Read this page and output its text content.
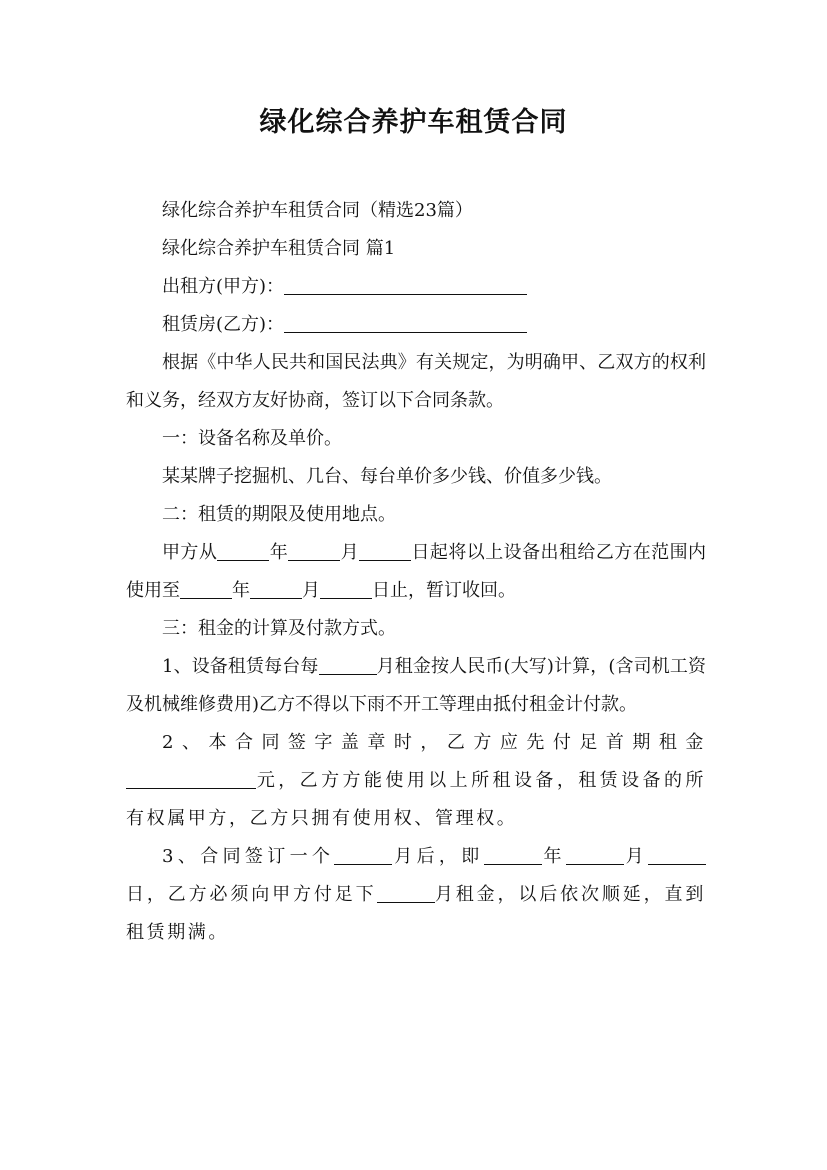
绿化综合养护车租赁合同

绿化综合养护车租赁合同（精选23篇）

绿化综合养护车租赁合同 篇1

出租方(甲方)：

租赁房(乙方)：

根据《中华人民共和国民法典》有关规定，为明确甲、乙双方的权利和义务，经双方友好协商，签订以下合同条款。

一：设备名称及单价。

某某牌子挖掘机、几台、每台单价多少钱、价值多少钱。

二：租赁的期限及使用地点。

甲方从	年	月	日起将以上设备出租给乙方在范围内使用至	年	月	日止，暂订收回。

三：租金的计算及付款方式。

1、设备租赁每台每	月租金按人民币(大写)计算，(含司机工资及机械维修费用)乙方不得以下雨不开工等理由抵付租金计付款。

2、本合同签字盖章时，乙方应先付足首期租金元，乙方方能使用以上所租设备，租赁设备的所有权属甲方，乙方只拥有使用权、管理权。

3、合同签订一个	月后，即	年	月日，乙方必须向甲方付足下	月租金，以后依次顺延，直到租赁期满。
